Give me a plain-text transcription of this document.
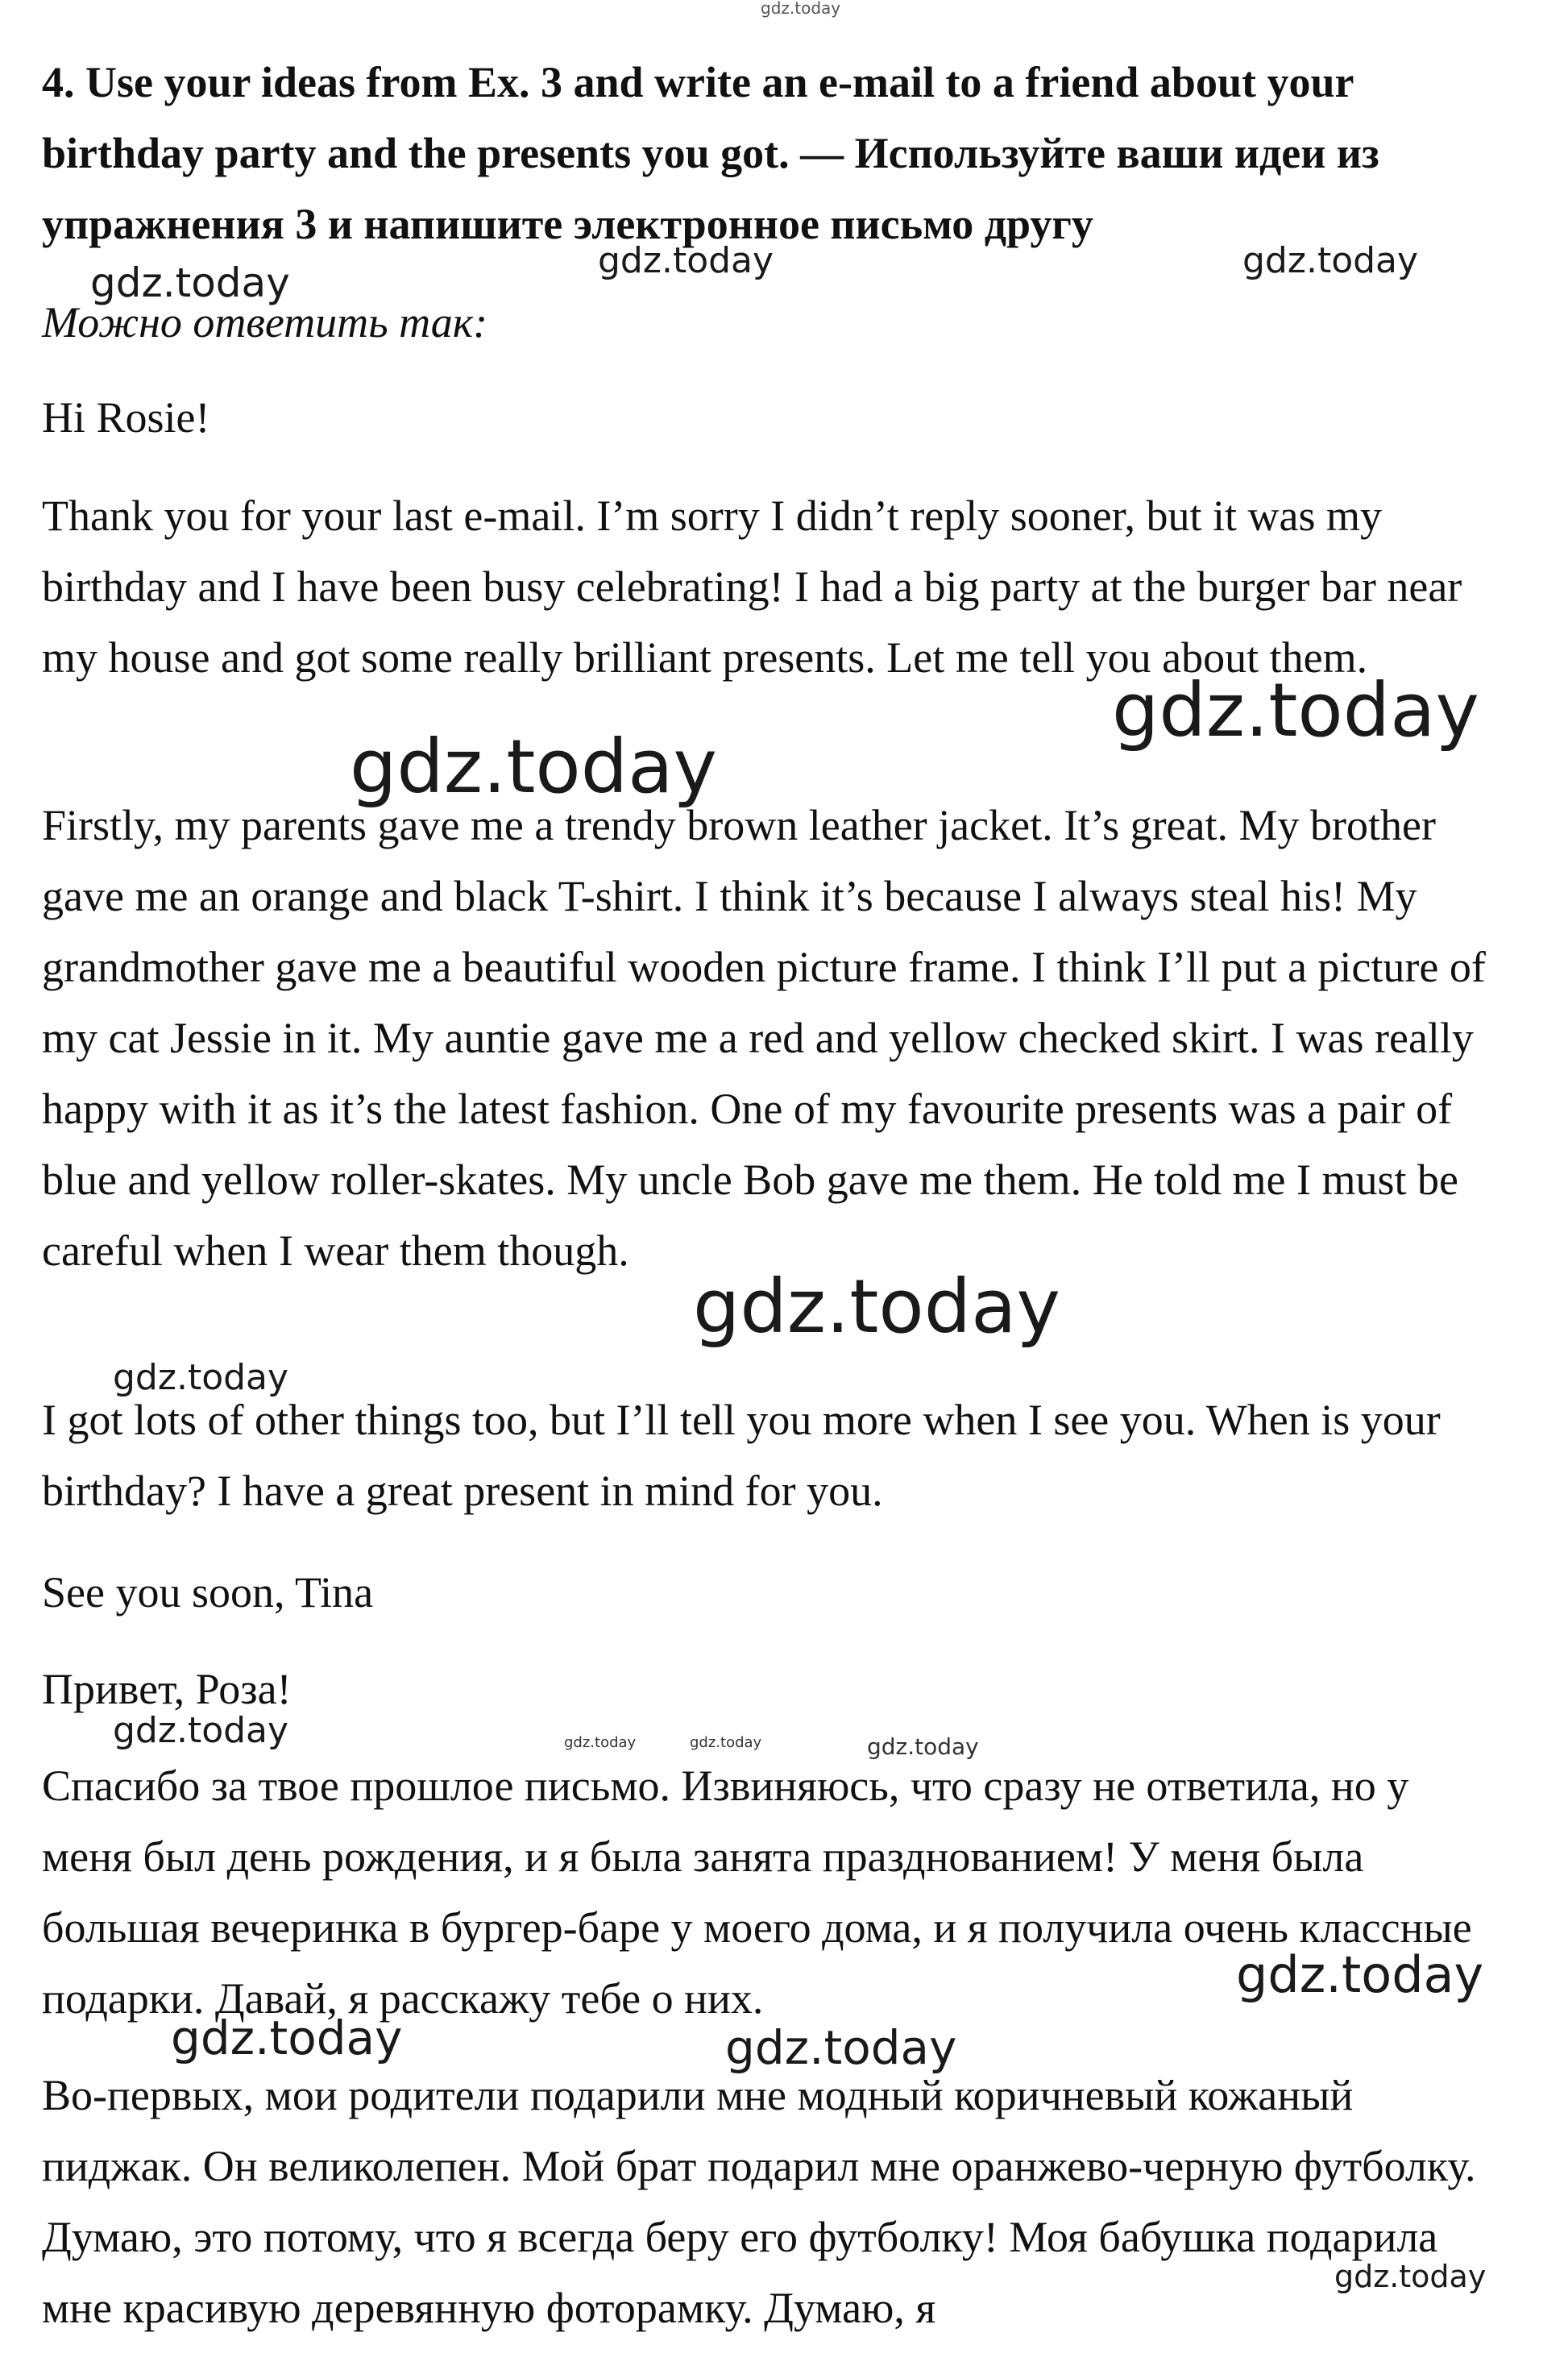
4. Use your ideas from Ex. 3 and write an e-mail to a friend about your birthday party and the presents you got. — Используйте ваши идеи из упражнения 3 и напишите электронное письмо другу

Можно ответить так:

Hi Rosie!

Thank you for your last e-mail. I’m sorry I didn’t reply sooner, but it was my birthday and I have been busy celebrating! I had a big party at the burger bar near my house and got some really brilliant presents. Let me tell you about them.

Firstly, my parents gave me a trendy brown leather jacket. It’s great. My brother gave me an orange and black T-shirt. I think it’s because I always steal his! My grandmother gave me a beautiful wooden picture frame. I think I’ll put a picture of my cat Jessie in it. My auntie gave me a red and yellow checked skirt. I was really happy with it as it’s the latest fashion. One of my favourite presents was a pair of blue and yellow roller-skates. My uncle Bob gave me them. He told me I must be careful when I wear them though.

I got lots of other things too, but I’ll tell you more when I see you. When is your birthday? I have a great present in mind for you.

See you soon, Tina

Привет, Роза!

Спасибо за твое прошлое письмо. Извиняюсь, что сразу не ответила, но у меня был день рождения, и я была занята празднованием! У меня была большая вечеринка в бургер-баре у моего дома, и я получила очень классные подарки. Давай, я расскажу тебе о них.

Во-первых, мои родители подарили мне модный коричневый кожаный пиджак. Он великолепен. Мой брат подарил мне оранжево-черную футболку. Думаю, это потому, что я всегда беру его футболку! Моя бабушка подарила мне красивую деревянную фоторамку. Думаю, я

gdz.today
gdz.today	gdz.today	gdz.today
gdz.today
gdz.today
gdz.today
gdz.today
gdz.today	gdz.today	gdz.today	gdz.today
gdz.today
gdz.today	gdz.today
gdz.today
